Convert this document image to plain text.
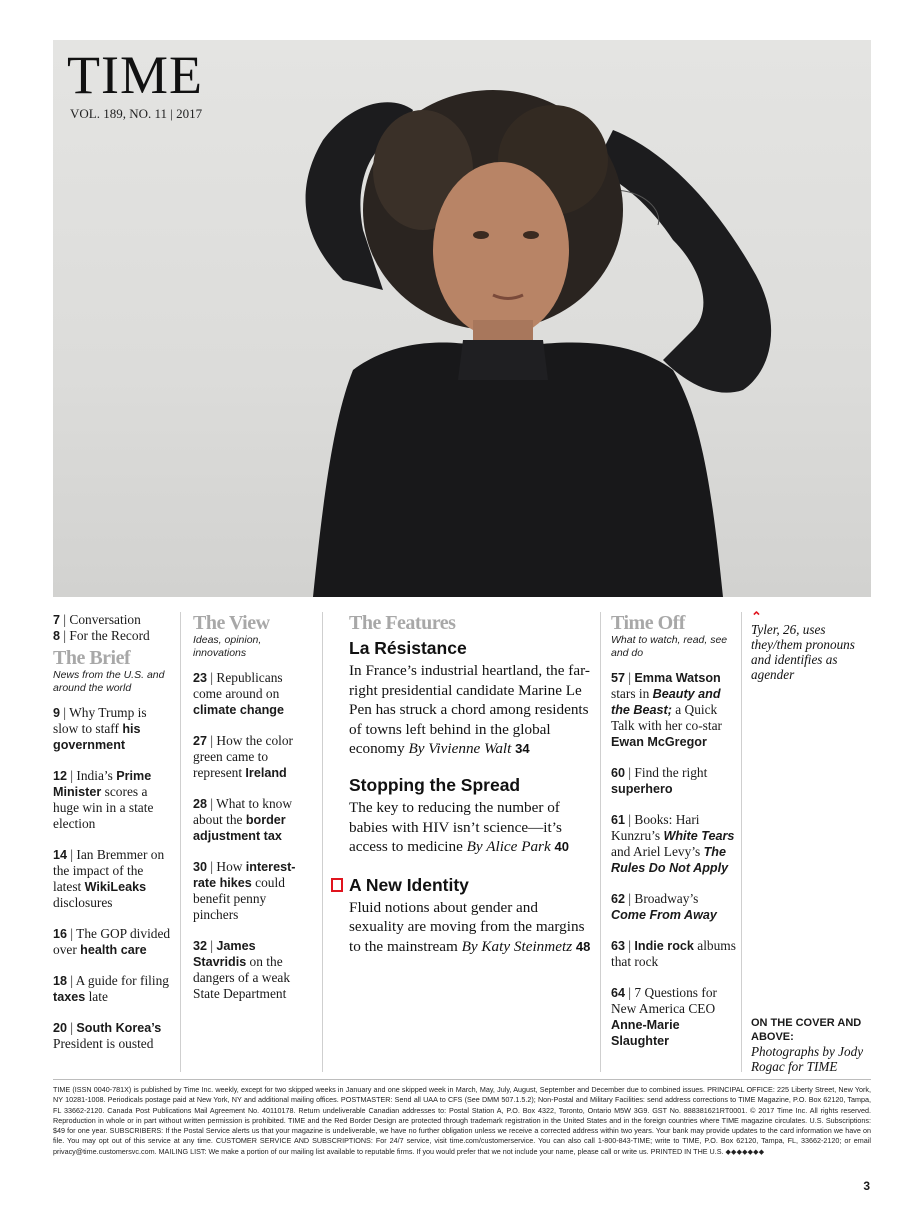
TIME
VOL. 189, NO. 11 | 2017
7 | Conversation
8 | For the Record
The Brief
News from the U.S. and around the world
9 | Why Trump is slow to staff his government
12 | India’s Prime Minister scores a huge win in a state election
14 | Ian Bremmer on the impact of the latest WikiLeaks disclosures
16 | The GOP divided over health care
18 | A guide for filing taxes late
20 | South Korea’s President is ousted
The View
Ideas, opinion, innovations
23 | Republicans come around on climate change
27 | How the color green came to represent Ireland
28 | What to know about the border adjustment tax
30 | How interest-rate hikes could benefit penny pinchers
32 | James Stavridis on the dangers of a weak State Department
The Features
La Résistance
In France’s industrial heartland, the far-right presidential candidate Marine Le Pen has struck a chord among residents of towns left behind in the global economy By Vivienne Walt 34
Stopping the Spread
The key to reducing the number of babies with HIV isn’t science—it’s access to medicine By Alice Park 40
A New Identity
Fluid notions about gender and sexuality are moving from the margins to the mainstream By Katy Steinmetz 48
Time Off
What to watch, read, see and do
57 | Emma Watson stars in Beauty and the Beast; a Quick Talk with her co-star Ewan McGregor
60 | Find the right superhero
61 | Books: Hari Kunzru’s White Tears and Ariel Levy’s The Rules Do Not Apply
62 | Broadway’s Come From Away
63 | Indie rock albums that rock
64 | 7 Questions for New America CEO Anne-Marie Slaughter
⌃
Tyler, 26, uses they/them pronouns and identifies as agender
ON THE COVER AND ABOVE:
Photographs by Jody Rogac for TIME
TIME (ISSN 0040-781X) is published by Time Inc. weekly, except for two skipped weeks in January and one skipped week in March, May, July, August, September and December due to combined issues. PRINCIPAL OFFICE: 225 Liberty Street, New York, NY 10281-1008. Periodicals postage paid at New York, NY and additional mailing offices. POSTMASTER: Send all UAA to CFS (See DMM 507.1.5.2); Non-Postal and Military Facilities: send address corrections to TIME Magazine, P.O. Box 62120, Tampa, FL 33662-2120. Canada Post Publications Mail Agreement No. 40110178. Return undeliverable Canadian addresses to: Postal Station A, P.O. Box 4322, Toronto, Ontario M5W 3G9. GST No. 888381621RT0001. © 2017 Time Inc. All rights reserved. Reproduction in whole or in part without written permission is prohibited. TIME and the Red Border Design are protected through trademark registration in the United States and in the foreign countries where TIME magazine circulates. U.S. Subscriptions: $49 for one year. SUBSCRIBERS: If the Postal Service alerts us that your magazine is undeliverable, we have no further obligation unless we receive a corrected address within two years. Your bank may provide updates to the card information we have on file. You may opt out of this service at any time. CUSTOMER SERVICE AND SUBSCRIPTIONS: For 24/7 service, visit time.com/customerservice. You can also call 1-800-843-TIME; write to TIME, P.O. Box 62120, Tampa, FL, 33662-2120; or email privacy@time.customersvc.com. MAILING LIST: We make a portion of our mailing list available to reputable firms. If you would prefer that we not include your name, please call or write us. PRINTED IN THE U.S. ◆◆◆◆◆◆◆
3
